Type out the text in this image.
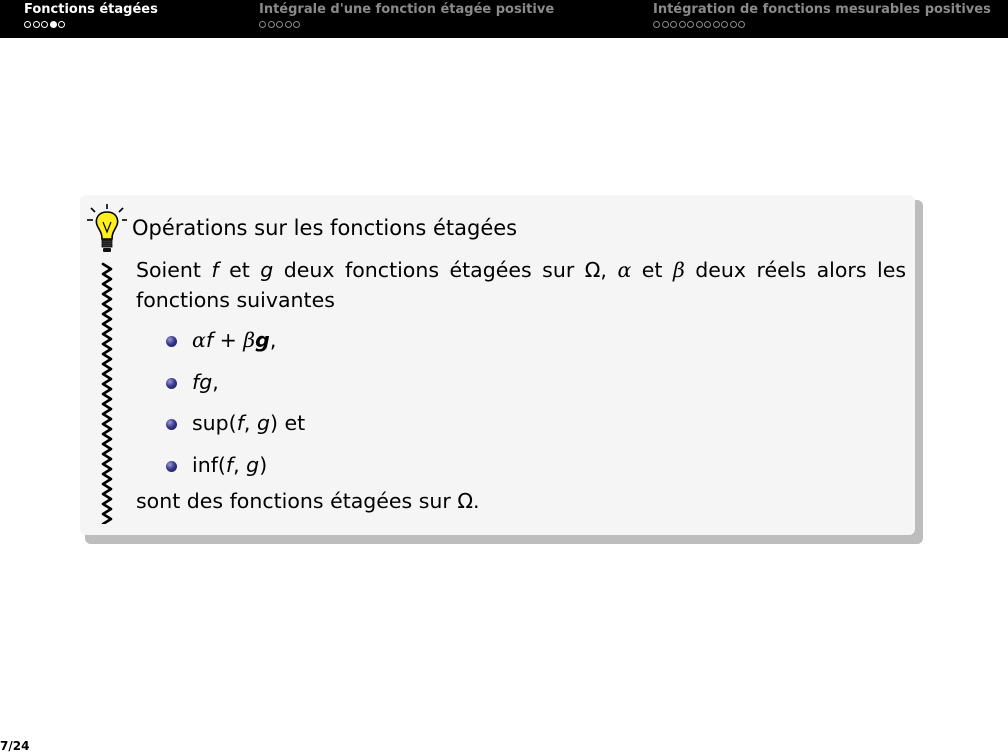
Fonctions étagées	Intégrale d'une fonction étagée positive	Intégration de fonctions mesurables positives
Opérations sur les fonctions étagées

Soient f et g deux fonctions étagées sur Ω, α et β deux réels alors les fonctions suivantes

αf + βg,
fg,
sup(f, g) et
inf(f, g)

sont des fonctions étagées sur Ω.

7/24
